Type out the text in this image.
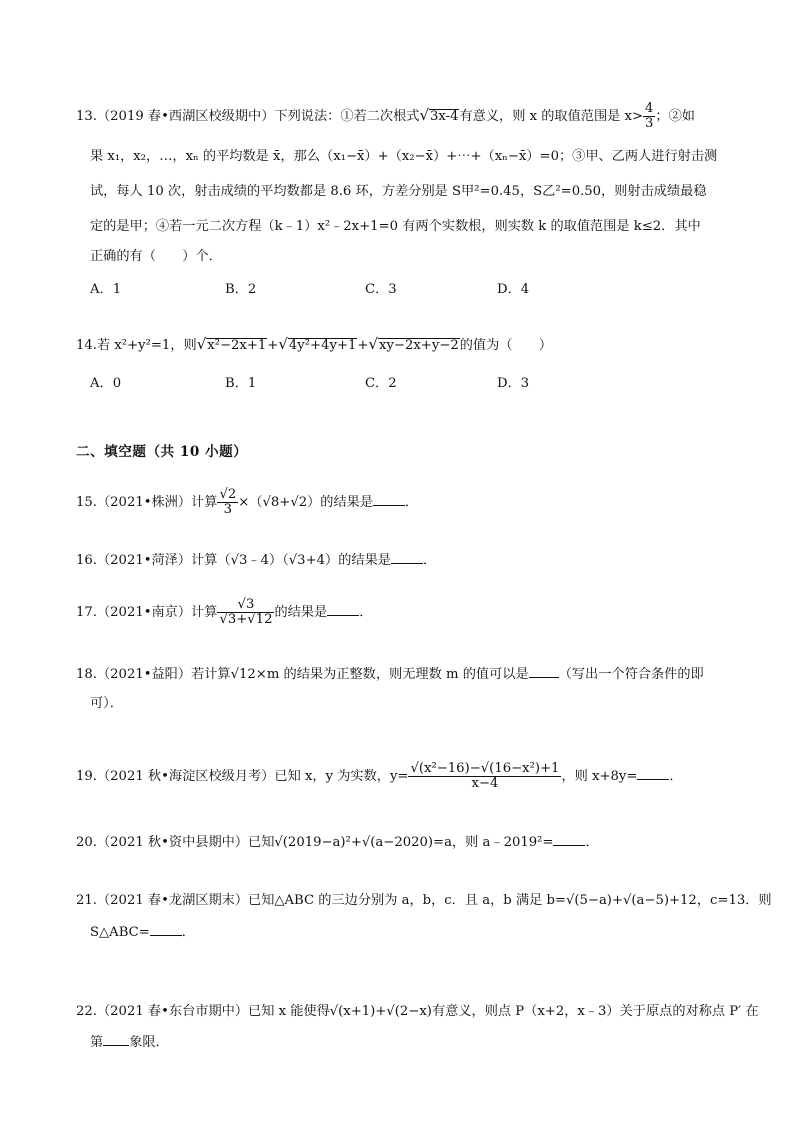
13.（2019 春•西湖区校级期中）下列说法：①若二次根式√3x-4有意义，则 x 的取值范围是 $x> \frac{4}{3}$ ；②如
果 x₁，x₂，…，xₙ 的平均数是 x̄，那么（x₁−x̄）+（x₂−x̄）+⋯+（xₙ−x̄）=0；③甲、乙两人进行射击测
试，每人 10 次，射击成绩的平均数都是 8.6 环，方差分别是 S甲²=0.45，S乙²=0.50，则射击成绩最稳
定的是甲；④若一元二次方程（k﹣1）x²﹣2x+1=0 有两个实数根，则实数 k 的取值范围是 k≤2．其中
正确的有（　　）个．
A．1	B．2	C．3	D．4
14.若 x²+y²=1，则√x²−2x+1+√4y²+4y+1+√xy−2x+y−2的值为（　　）
A．0	B．1	C．2	D．3
二、填空题（共 10 小题）
15.（2021•株洲）计算 $\frac{√2}{3} \times(√8+√2)$的结果是 ．
16.（2021•菏泽）计算（√3﹣4）（√3+4）的结果是 ．
17.（2021•南京）计算 $\frac{√3}{√3+√12}$ 的结果是 ．
18.（2021•益阳）若计算√12×m 的结果为正整数，则无理数 m 的值可以是 （写出一个符合条件的即
可）．
19.（2021 秋•海淀区校级月考）已知 x，y 为实数，$y= \frac{\text{√(x²−16)−√(16−x²)+1}}{x-4}$ ，则 x+8y= ．
20.（2021 秋•资中县期中）已知√(2019−a)²+√(a−2020)=a，则 a﹣2019²= ．
21.（2021 春•龙湖区期末）已知△ABC 的三边分别为 a，b，c．且 a，b 满足 b=√(5−a)+√(a−5)+12，c=13．则
S△ABC= ．
22.（2021 春•东台市期中）已知 x 能使得√(x+1)+√(2−x)有意义，则点 P（x+2，x﹣3）关于原点的对称点 P′ 在
第 象限．
